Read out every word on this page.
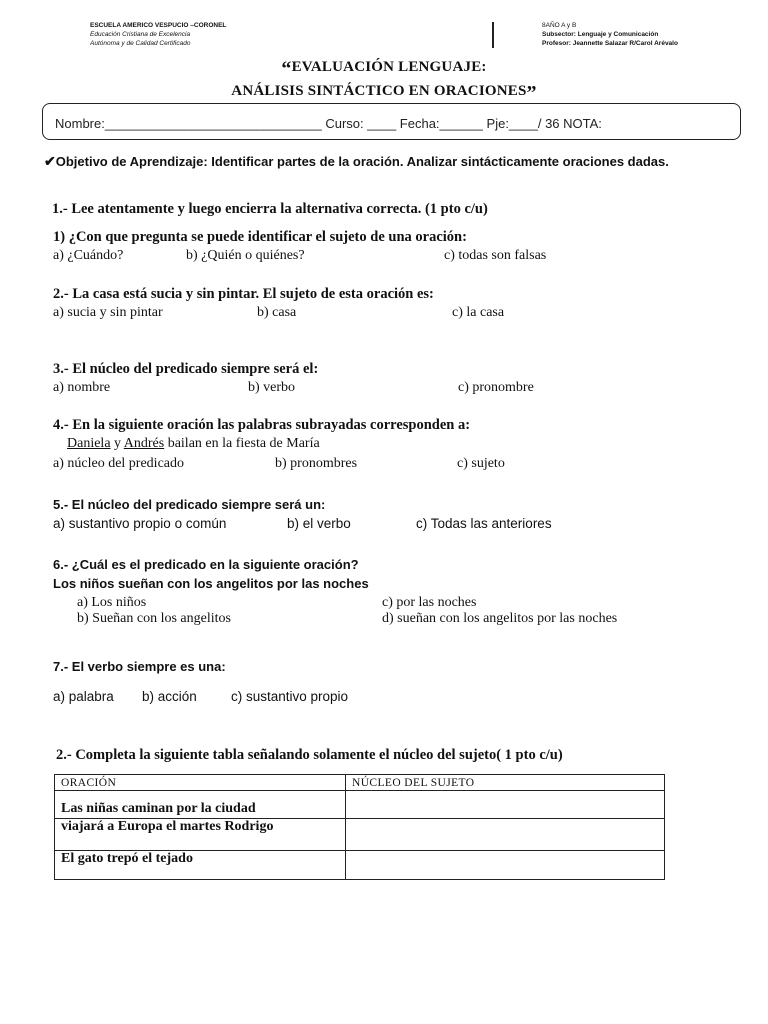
ESCUELA AMERICO VESPUCIO –CORONEL
Educación Cristiana de Excelencia
Autónoma y de Calidad Certificado
8AÑO A y B
Subsector: Lenguaje y Comunicación
Profesor: Jeannette Salazar R/Carol Arévalo
“EVALUACIÓN LENGUAJE:
ANÁLISIS SINTÁCTICO EN ORACIONES”
Nombre:______________________________ Curso: ____ Fecha:______ Pje:____/ 36 NOTA:
✔Objetivo de Aprendizaje: Identificar partes de la oración. Analizar sintácticamente oraciones dadas.
1.- Lee atentamente y luego encierra la alternativa correcta. (1 pto c/u)
1) ¿Con que pregunta se puede identificar el sujeto de una oración:
a) ¿Cuándo?	b) ¿Quién o quiénes?	c) todas son falsas
2.- La casa está sucia y sin pintar. El sujeto de esta oración es:
a) sucia y sin pintar	b) casa	c) la casa
3.- El núcleo del predicado siempre será el:
a) nombre	b) verbo	c) pronombre
4.- En la siguiente oración las palabras subrayadas corresponden a:
Daniela y Andrés bailan en la fiesta de María
a) núcleo del predicado	b) pronombres	c) sujeto
5.- El núcleo del predicado siempre será un:
a) sustantivo propio o común	b) el verbo	c) Todas las anteriores
6.- ¿Cuál es el predicado en la siguiente oración?
Los niños sueñan con los angelitos por las noches
a) Los niños
b) Sueñan con los angelitos
c) por las noches
d) sueñan con los angelitos por las noches
7.- El verbo siempre es una:
a) palabra b) acción	c) sustantivo propio
2.- Completa la siguiente tabla señalando solamente el núcleo del sujeto( 1 pto c/u)
ORACIÓN	NÚCLEO DEL SUJETO
Las niñas caminan por la ciudad	
viajará a Europa el martes Rodrigo	
El gato trepó el tejado	
